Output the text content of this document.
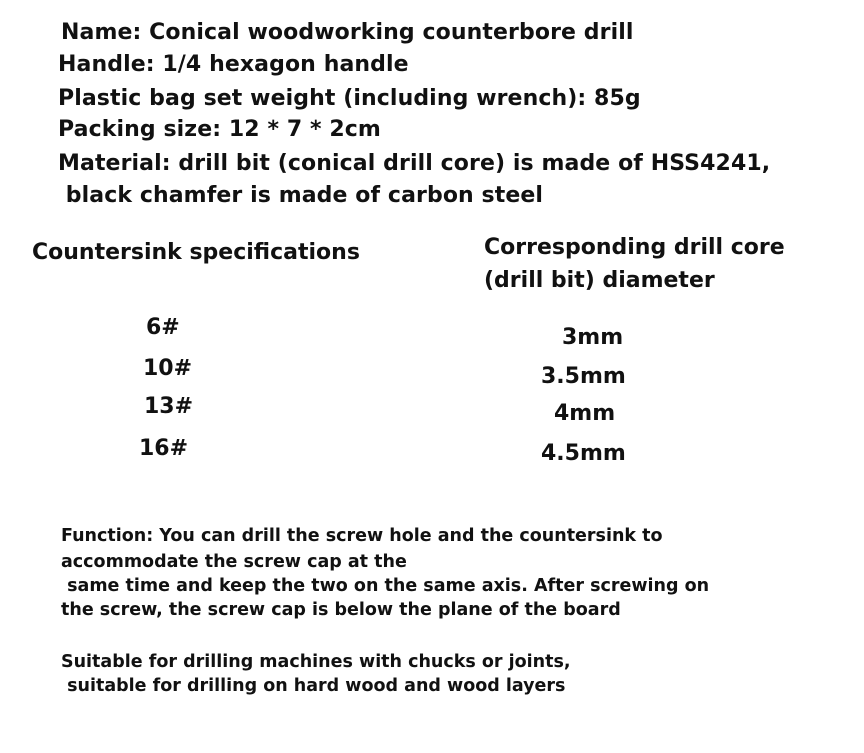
Name: Conical woodworking counterbore drill
Handle: 1/4 hexagon handle
Plastic bag set weight (including wrench): 85g
Packing size: 12 * 7 * 2cm
Material: drill bit (conical drill core) is made of HSS4241,
black chamfer is made of carbon steel
Countersink specifications	Corresponding drill core
(drill bit) diameter
6#
10#
13#
16#
3mm
3.5mm
4mm
4.5mm
Function: You can drill the screw hole and the countersink to
accommodate the screw cap at the
same time and keep the two on the same axis. After screwing on
the screw, the screw cap is below the plane of the board
Suitable for drilling machines with chucks or joints,
suitable for drilling on hard wood and wood layers
